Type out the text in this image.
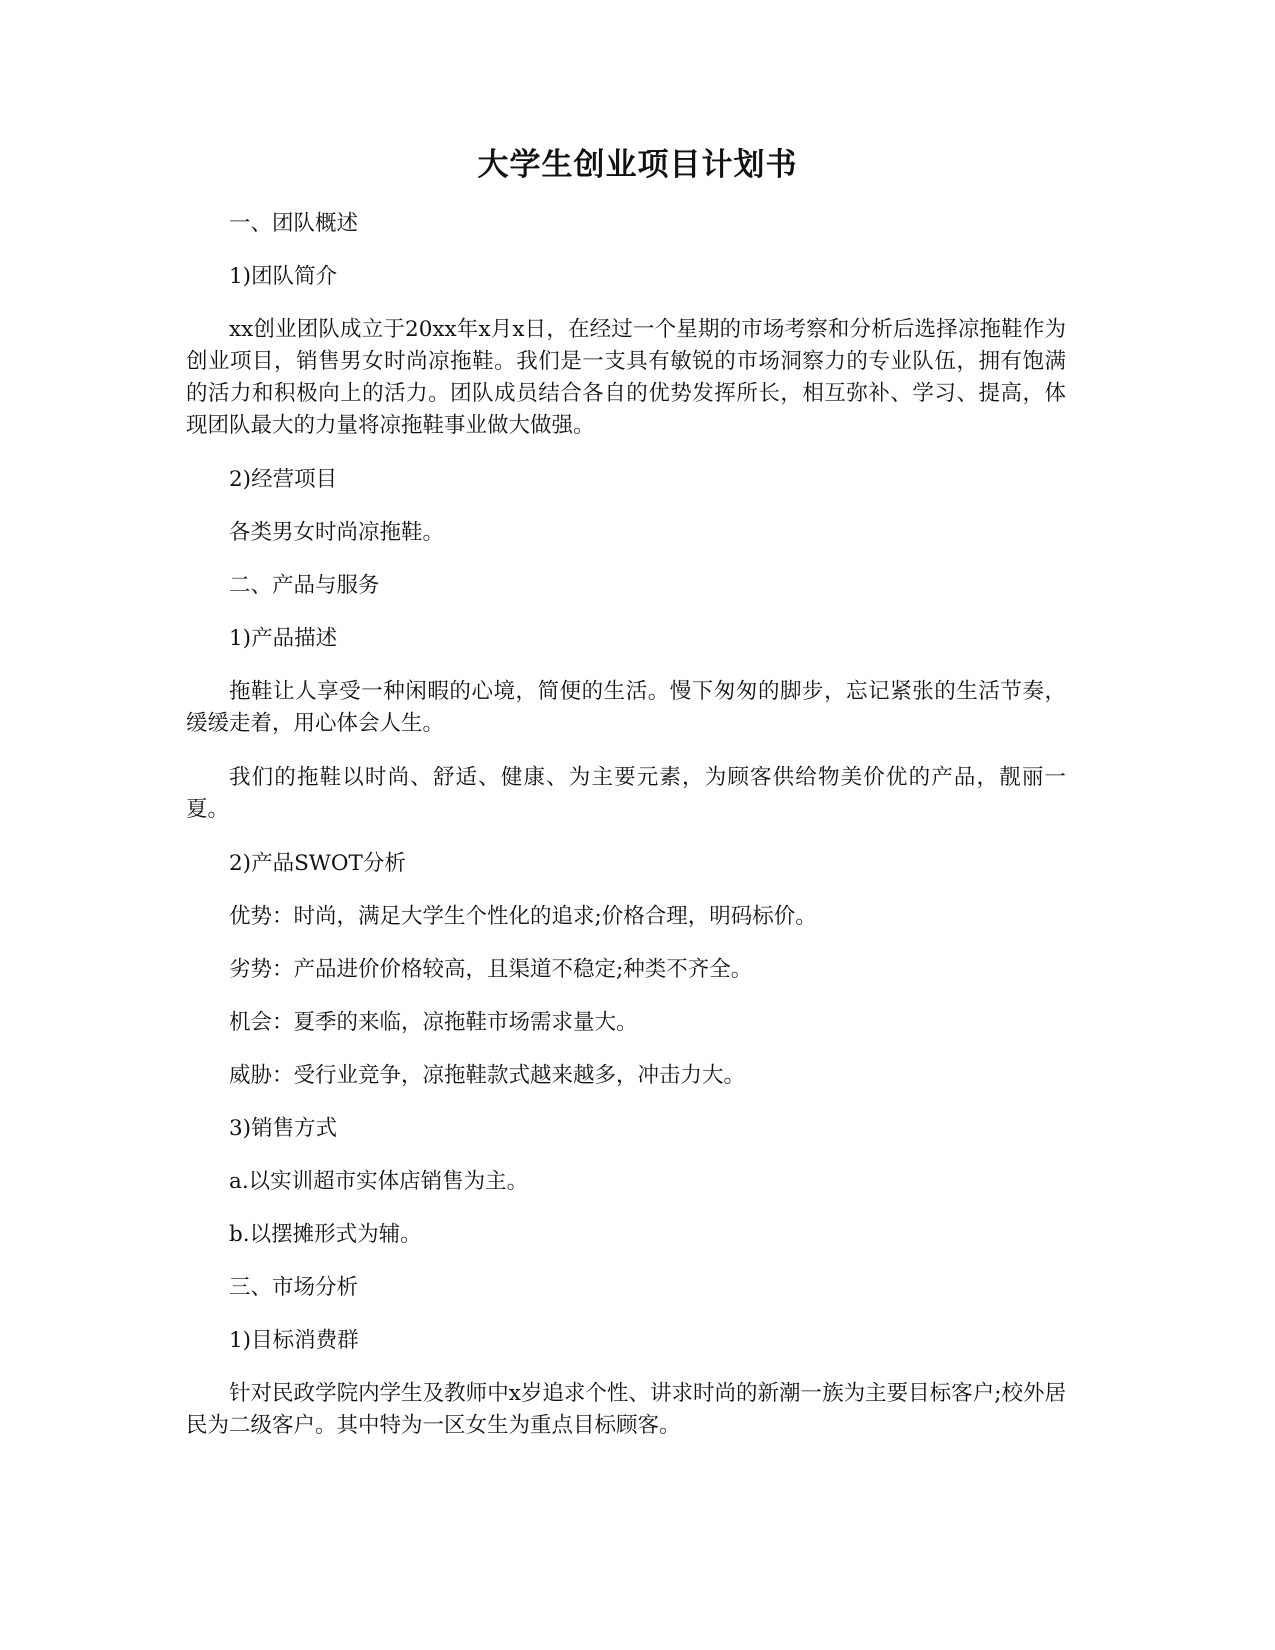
大学生创业项目计划书

一、团队概述

1)团队简介

xx创业团队成立于20xx年x月x日，在经过一个星期的市场考察和分析后选择凉拖鞋作为创业项目，销售男女时尚凉拖鞋。我们是一支具有敏锐的市场洞察力的专业队伍，拥有饱满的活力和积极向上的活力。团队成员结合各自的优势发挥所长，相互弥补、学习、提高，体现团队最大的力量将凉拖鞋事业做大做强。

2)经营项目

各类男女时尚凉拖鞋。

二、产品与服务

1)产品描述

拖鞋让人享受一种闲暇的心境，简便的生活。慢下匆匆的脚步，忘记紧张的生活节奏，缓缓走着，用心体会人生。

我们的拖鞋以时尚、舒适、健康、为主要元素，为顾客供给物美价优的产品，靓丽一夏。

2)产品SWOT分析

优势：时尚，满足大学生个性化的追求;价格合理，明码标价。

劣势：产品进价价格较高，且渠道不稳定;种类不齐全。

机会：夏季的来临，凉拖鞋市场需求量大。

威胁：受行业竞争，凉拖鞋款式越来越多，冲击力大。

3)销售方式

a.以实训超市实体店销售为主。

b.以摆摊形式为辅。

三、市场分析

1)目标消费群

针对民政学院内学生及教师中x岁追求个性、讲求时尚的新潮一族为主要目标客户;校外居民为二级客户。其中特为一区女生为重点目标顾客。
